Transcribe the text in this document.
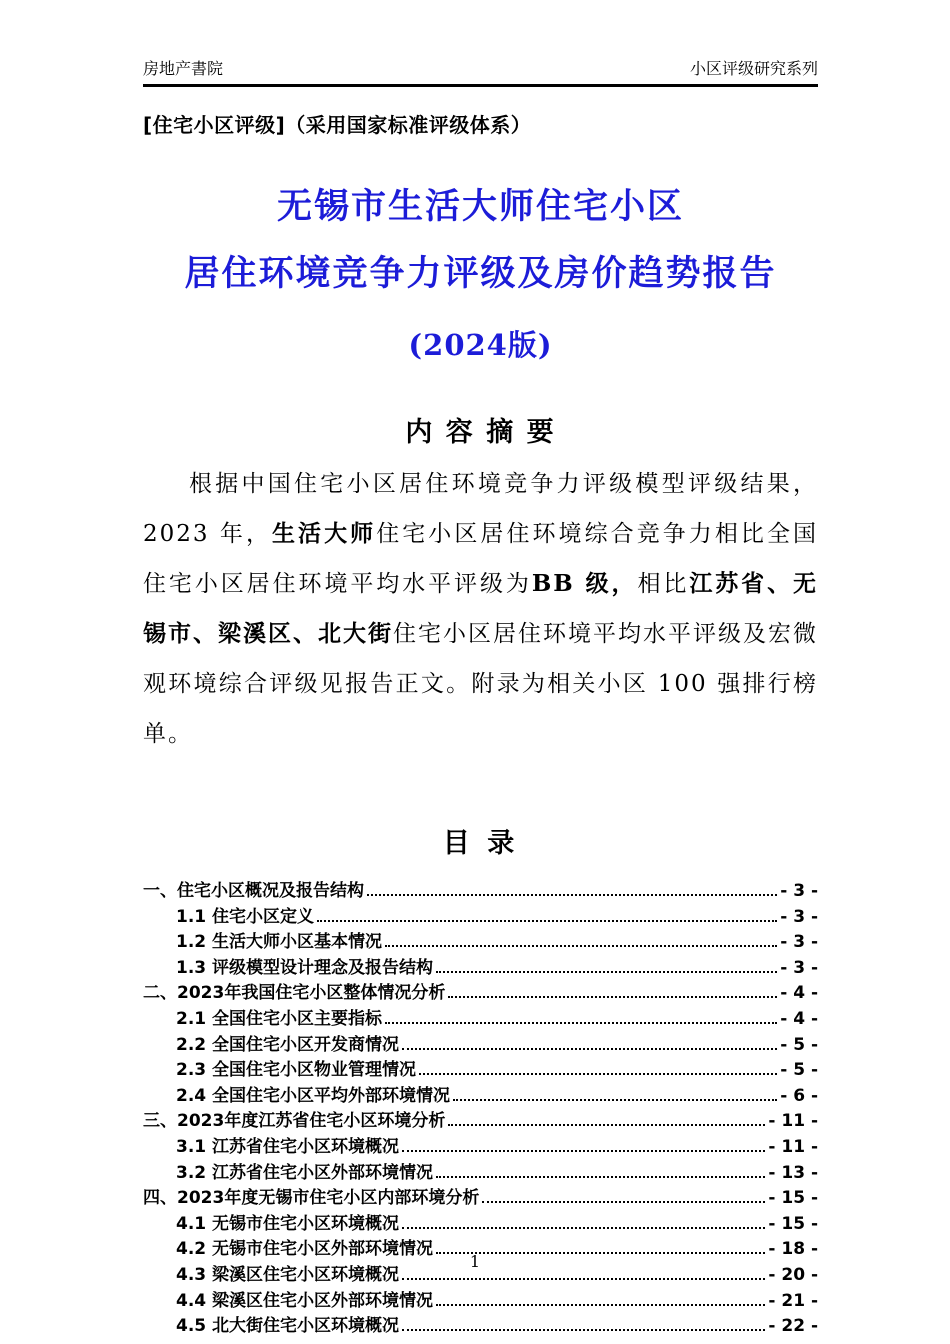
房地产書院	小区评级研究系列
[住宅小区评级]（采用国家标准评级体系）
无锡市生活大师住宅小区
居住环境竞争力评级及房价趋势报告
(2024版)
内 容 摘 要

根据中国住宅小区居住环境竞争力评级模型评级结果，2023 年，生活大师住宅小区居住环境综合竞争力相比全国住宅小区居住环境平均水平评级为BB 级，相比江苏省、无锡市、梁溪区、北大街住宅小区居住环境平均水平评级及宏微观环境综合评级见报告正文。附录为相关小区 100 强排行榜单。

目 录
一、住宅小区概况及报告结构	- 3 -
1.1 住宅小区定义	- 3 -
1.2 生活大师小区基本情况	- 3 -
1.3 评级模型设计理念及报告结构	- 3 -
二、2023年我国住宅小区整体情况分析	- 4 -
2.1 全国住宅小区主要指标	- 4 -
2.2 全国住宅小区开发商情况	- 5 -
2.3 全国住宅小区物业管理情况	- 5 -
2.4 全国住宅小区平均外部环境情况	- 6 -
三、2023年度江苏省住宅小区环境分析	- 11 -
3.1 江苏省住宅小区环境概况	- 11 -
3.2 江苏省住宅小区外部环境情况	- 13 -
四、2023年度无锡市住宅小区内部环境分析	- 15 -
4.1 无锡市住宅小区环境概况	- 15 -
4.2 无锡市住宅小区外部环境情况	- 18 -
4.3 梁溪区住宅小区环境概况	- 20 -
4.4 梁溪区住宅小区外部环境情况	- 21 -
4.5 北大街住宅小区环境概况	- 22 -
1
